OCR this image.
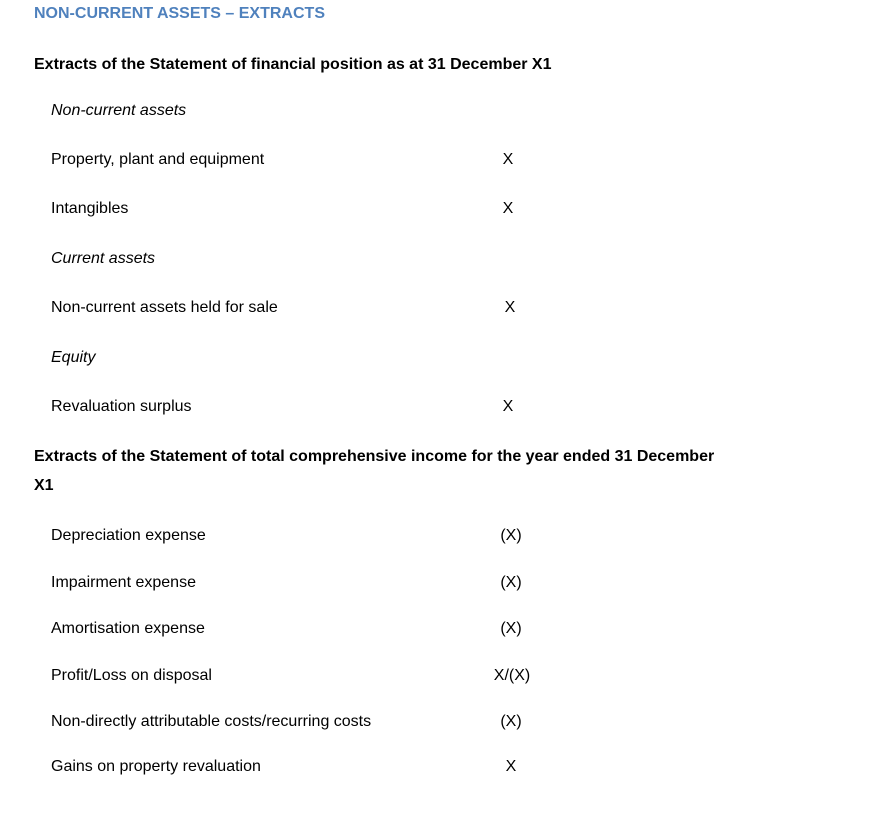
NON-CURRENT ASSETS – EXTRACTS
Extracts of the Statement of financial position as at 31 December X1
Non-current assets
Property, plant and equipment	X
Intangibles	X
Current assets
Non-current assets held for sale	X
Equity
Revaluation surplus	X
Extracts of the Statement of total comprehensive income for the year ended 31 December
X1
Depreciation expense	(X)
Impairment expense	(X)
Amortisation expense	(X)
Profit/Loss on disposal	X/(X)
Non-directly attributable costs/recurring costs	(X)
Gains on property revaluation	X
